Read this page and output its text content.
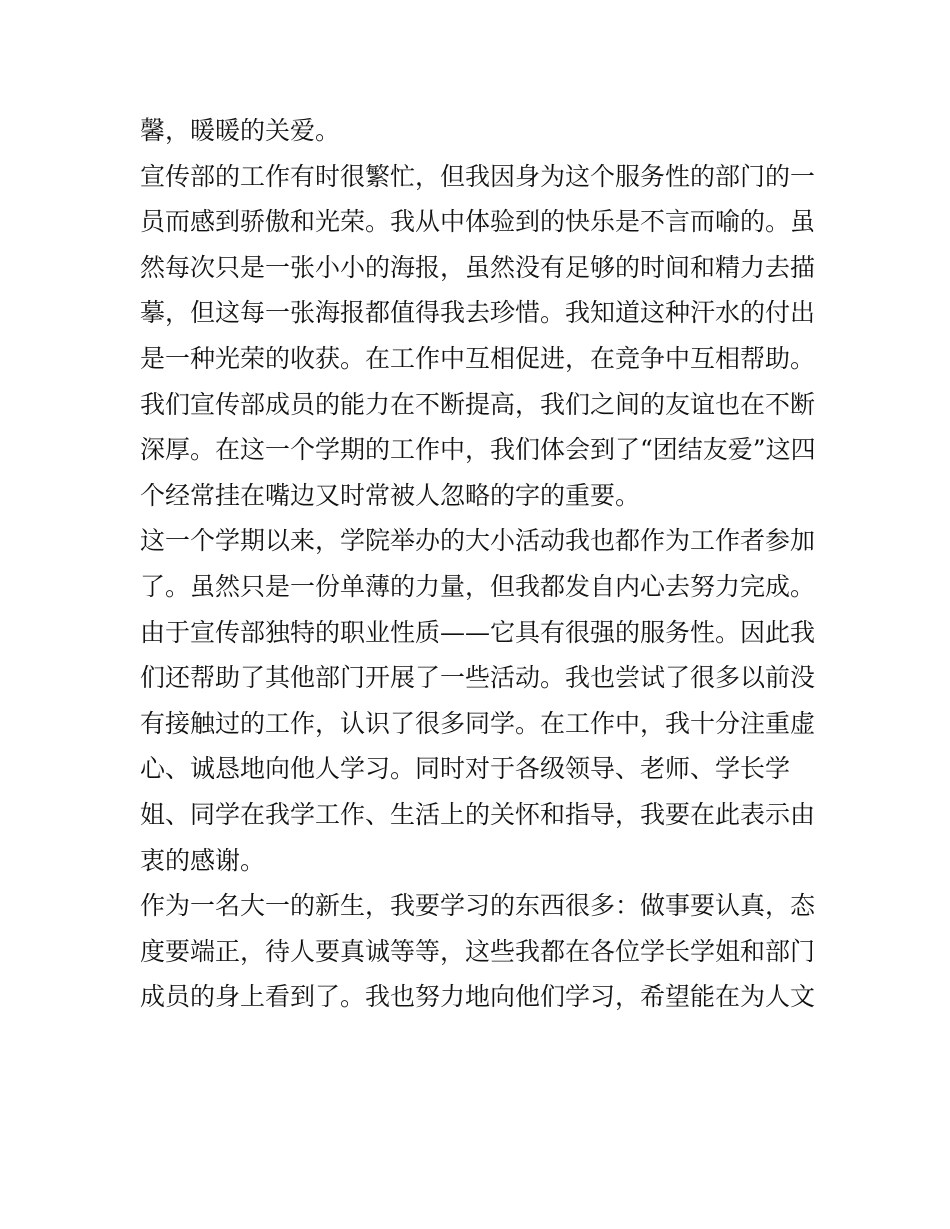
馨，暖暖的关爱。
宣传部的工作有时很繁忙，但我因身为这个服务性的部门的一
员而感到骄傲和光荣。我从中体验到的快乐是不言而喻的。虽
然每次只是一张小小的海报，虽然没有足够的时间和精力去描
摹，但这每一张海报都值得我去珍惜。我知道这种汗水的付出
是一种光荣的收获。在工作中互相促进，在竞争中互相帮助。
我们宣传部成员的能力在不断提高，我们之间的友谊也在不断
深厚。在这一个学期的工作中，我们体会到了“团结友爱”这四
个经常挂在嘴边又时常被人忽略的字的重要。
这一个学期以来，学院举办的大小活动我也都作为工作者参加
了。虽然只是一份单薄的力量，但我都发自内心去努力完成。
由于宣传部独特的职业性质——它具有很强的服务性。因此我
们还帮助了其他部门开展了一些活动。我也尝试了很多以前没
有接触过的工作，认识了很多同学。在工作中，我十分注重虚
心、诚恳地向他人学习。同时对于各级领导、老师、学长学
姐、同学在我学工作、生活上的关怀和指导，我要在此表示由
衷的感谢。
作为一名大一的新生，我要学习的东西很多：做事要认真，态
度要端正，待人要真诚等等，这些我都在各位学长学姐和部门
成员的身上看到了。我也努力地向他们学习，希望能在为人文
